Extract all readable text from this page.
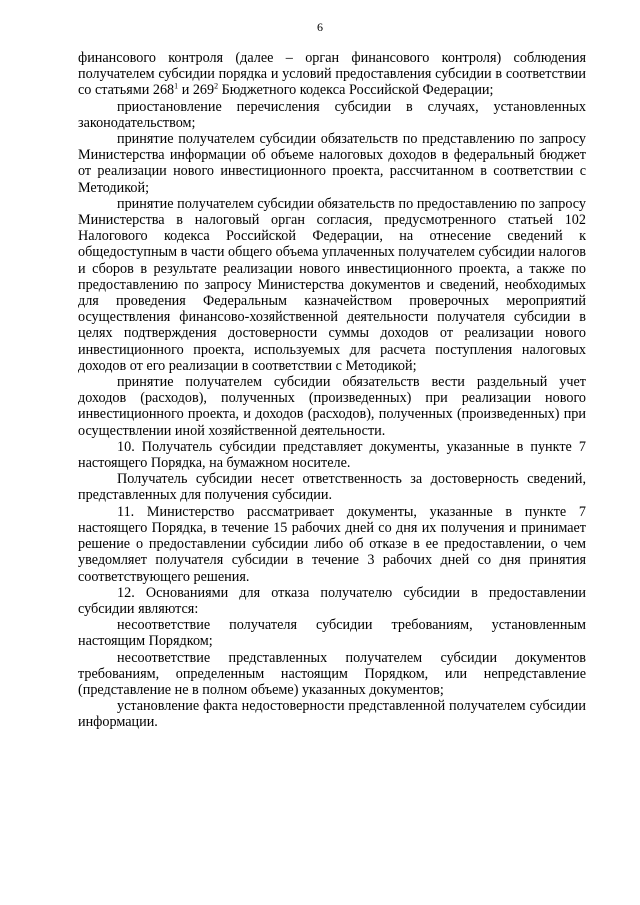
6

финансового контроля (далее – орган финансового контроля) соблюдения получателем субсидии порядка и условий предоставления субсидии в соответствии со статьями $268^1$ и $269^2$ Бюджетного кодекса Российской Федерации;

приостановление перечисления субсидии в случаях, установленных законодательством;

принятие получателем субсидии обязательств по представлению по запросу Министерства информации об объеме налоговых доходов в федеральный бюджет от реализации нового инвестиционного проекта, рассчитанном в соответствии с Методикой;

принятие получателем субсидии обязательств по предоставлению по запросу Министерства в налоговый орган согласия, предусмотренного статьей 102 Налогового кодекса Российской Федерации, на отнесение сведений к общедоступным в части общего объема уплаченных получателем субсидии налогов и сборов в результате реализации нового инвестиционного проекта, а также по предоставлению по запросу Министерства документов и сведений, необходимых для проведения Федеральным казначейством проверочных мероприятий осуществления финансово-хозяйственной деятельности получателя субсидии в целях подтверждения достоверности суммы доходов от реализации нового инвестиционного проекта, используемых для расчета поступления налоговых доходов от его реализации в соответствии с Методикой;

принятие получателем субсидии обязательств вести раздельный учет доходов (расходов), полученных (произведенных) при реализации нового инвестиционного проекта, и доходов (расходов), полученных (произведенных) при осуществлении иной хозяйственной деятельности.

10. Получатель субсидии представляет документы, указанные в пункте 7 настоящего Порядка, на бумажном носителе.

Получатель субсидии несет ответственность за достоверность сведений, представленных для получения субсидии.

11. Министерство рассматривает документы, указанные в пункте 7 настоящего Порядка, в течение 15 рабочих дней со дня их получения и принимает решение о предоставлении субсидии либо об отказе в ее предоставлении, о чем уведомляет получателя субсидии в течение 3 рабочих дней со дня принятия соответствующего решения.

12. Основаниями для отказа получателю субсидии в предоставлении субсидии являются:

несоответствие получателя субсидии требованиям, установленным настоящим Порядком;

несоответствие представленных получателем субсидии документов требованиям, определенным настоящим Порядком, или непредставление (представление не в полном объеме) указанных документов;

установление факта недостоверности представленной получателем субсидии информации.
